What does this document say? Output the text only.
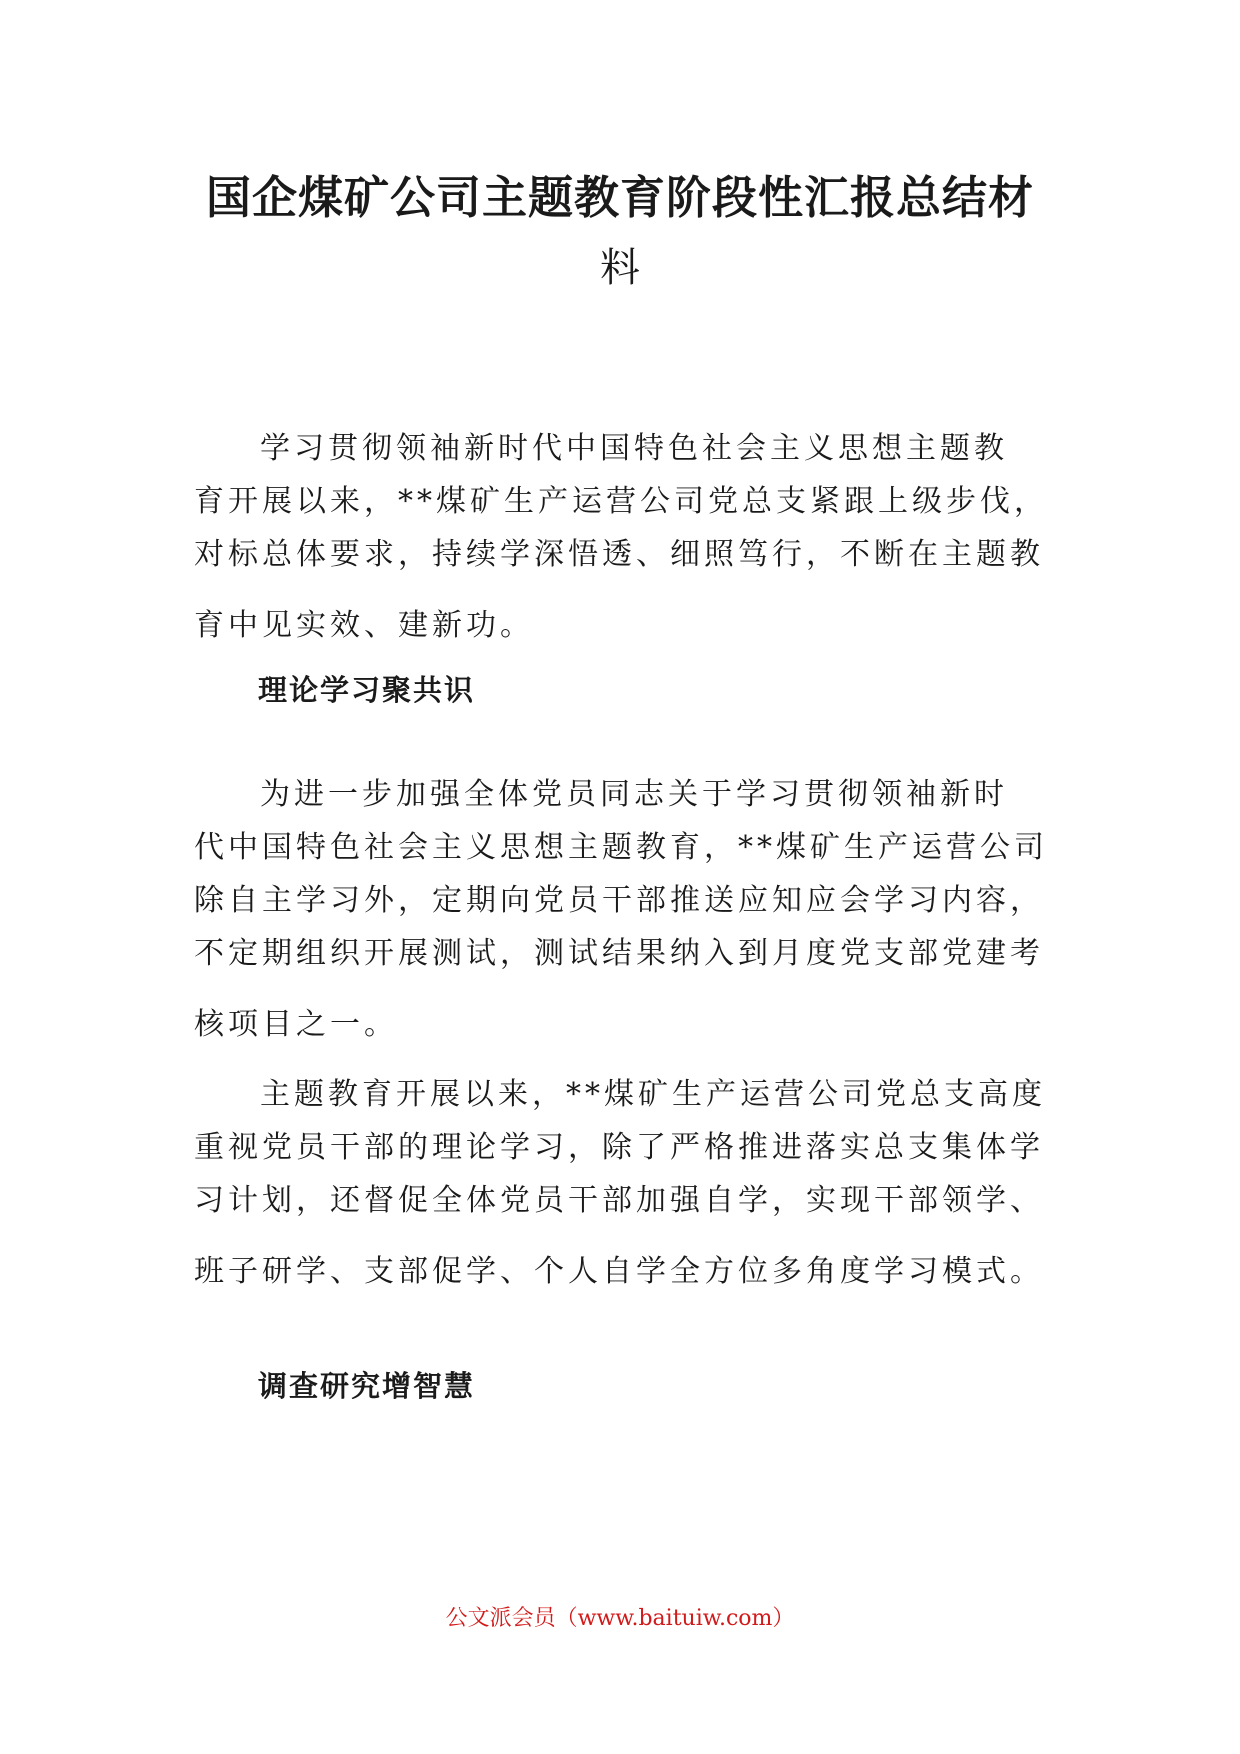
国企煤矿公司主题教育阶段性汇报总结材
料
学习贯彻领袖新时代中国特色社会主义思想主题教
育开展以来，**煤矿生产运营公司党总支紧跟上级步伐，
对标总体要求，持续学深悟透、细照笃行，不断在主题教
育中见实效、建新功。
理论学习聚共识
为进一步加强全体党员同志关于学习贯彻领袖新时
代中国特色社会主义思想主题教育，**煤矿生产运营公司
除自主学习外，定期向党员干部推送应知应会学习内容，
不定期组织开展测试，测试结果纳入到月度党支部党建考
核项目之一。
主题教育开展以来，**煤矿生产运营公司党总支高度
重视党员干部的理论学习，除了严格推进落实总支集体学
习计划，还督促全体党员干部加强自学，实现干部领学、
班子研学、支部促学、个人自学全方位多角度学习模式。
调查研究增智慧
公文派会员（www.baituiw.com）
